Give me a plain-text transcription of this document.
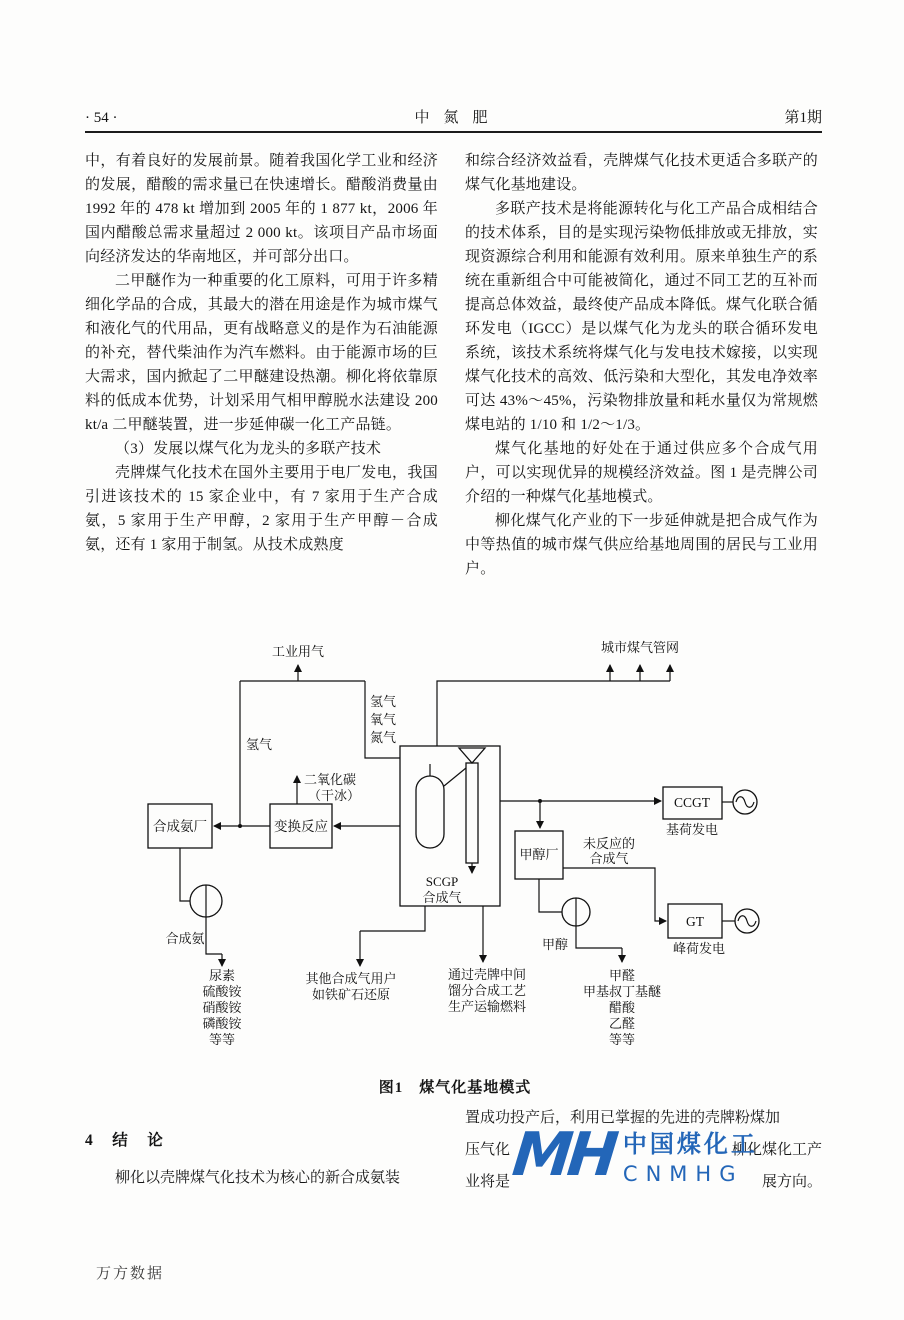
· 54 ·	中氮肥	第1期

中，有着良好的发展前景。随着我国化学工业和经济的发展，醋酸的需求量已在快速增长。醋酸消费量由 1992 年的 478 kt 增加到 2005 年的 1 877 kt，2006 年国内醋酸总需求量超过 2 000 kt。该项目产品市场面向经济发达的华南地区，并可部分出口。

二甲醚作为一种重要的化工原料，可用于许多精细化学品的合成，其最大的潜在用途是作为城市煤气和液化气的代用品，更有战略意义的是作为石油能源的补充，替代柴油作为汽车燃料。由于能源市场的巨大需求，国内掀起了二甲醚建设热潮。柳化将依靠原料的低成本优势，计划采用气相甲醇脱水法建设 200 kt/a 二甲醚装置，进一步延伸碳一化工产品链。

（3）发展以煤气化为龙头的多联产技术

壳牌煤气化技术在国外主要用于电厂发电，我国引进该技术的 15 家企业中，有 7 家用于生产合成氨，5 家用于生产甲醇，2 家用于生产甲醇－合成氨，还有 1 家用于制氢。从技术成熟度

和综合经济效益看，壳牌煤气化技术更适合多联产的煤气化基地建设。

多联产技术是将能源转化与化工产品合成相结合的技术体系，目的是实现污染物低排放或无排放，实现资源综合利用和能源有效利用。原来单独生产的系统在重新组合中可能被简化，通过不同工艺的互补而提高总体效益，最终使产品成本降低。煤气化联合循环发电（IGCC）是以煤气化为龙头的联合循环发电系统，该技术系统将煤气化与发电技术嫁接，以实现煤气化技术的高效、低污染和大型化，其发电净效率可达 43%～45%，污染物排放量和耗水量仅为常规燃煤电站的 1/10 和 1/2～1/3。

煤气化基地的好处在于通过供应多个合成气用户，可以实现优异的规模经济效益。图 1 是壳牌公司介绍的一种煤气化基地模式。

柳化煤气化产业的下一步延伸就是把合成气作为中等热值的城市煤气供应给基地周围的居民与工业用户。

合成氨厂	变换反应
SCGP
合成气
甲醇厂
CCGT
GT
工业用气	城市煤气管网
氢气
氧气
氮气
氢气
二氧化碳
（干冰）
未反应的
合成气
基荷发电
峰荷发电
合成氨	甲醇
尿素
硫酸铵
硝酸铵
磷酸铵
等等
其他合成气用户
如铁矿石还原
通过壳牌中间
馏分合成工艺
生产运输燃料
甲醛
甲基叔丁基醚
醋酸
乙醛
等等
图1　煤气化基地模式
4　结　论
柳化以壳牌煤气化技术为核心的新合成氨装
置成功投产后，利用已掌握的先进的壳牌粉煤加
压气化	柳化煤化工产
业将是	展方向。
MH 中国煤化工
CNMHG
万方数据
